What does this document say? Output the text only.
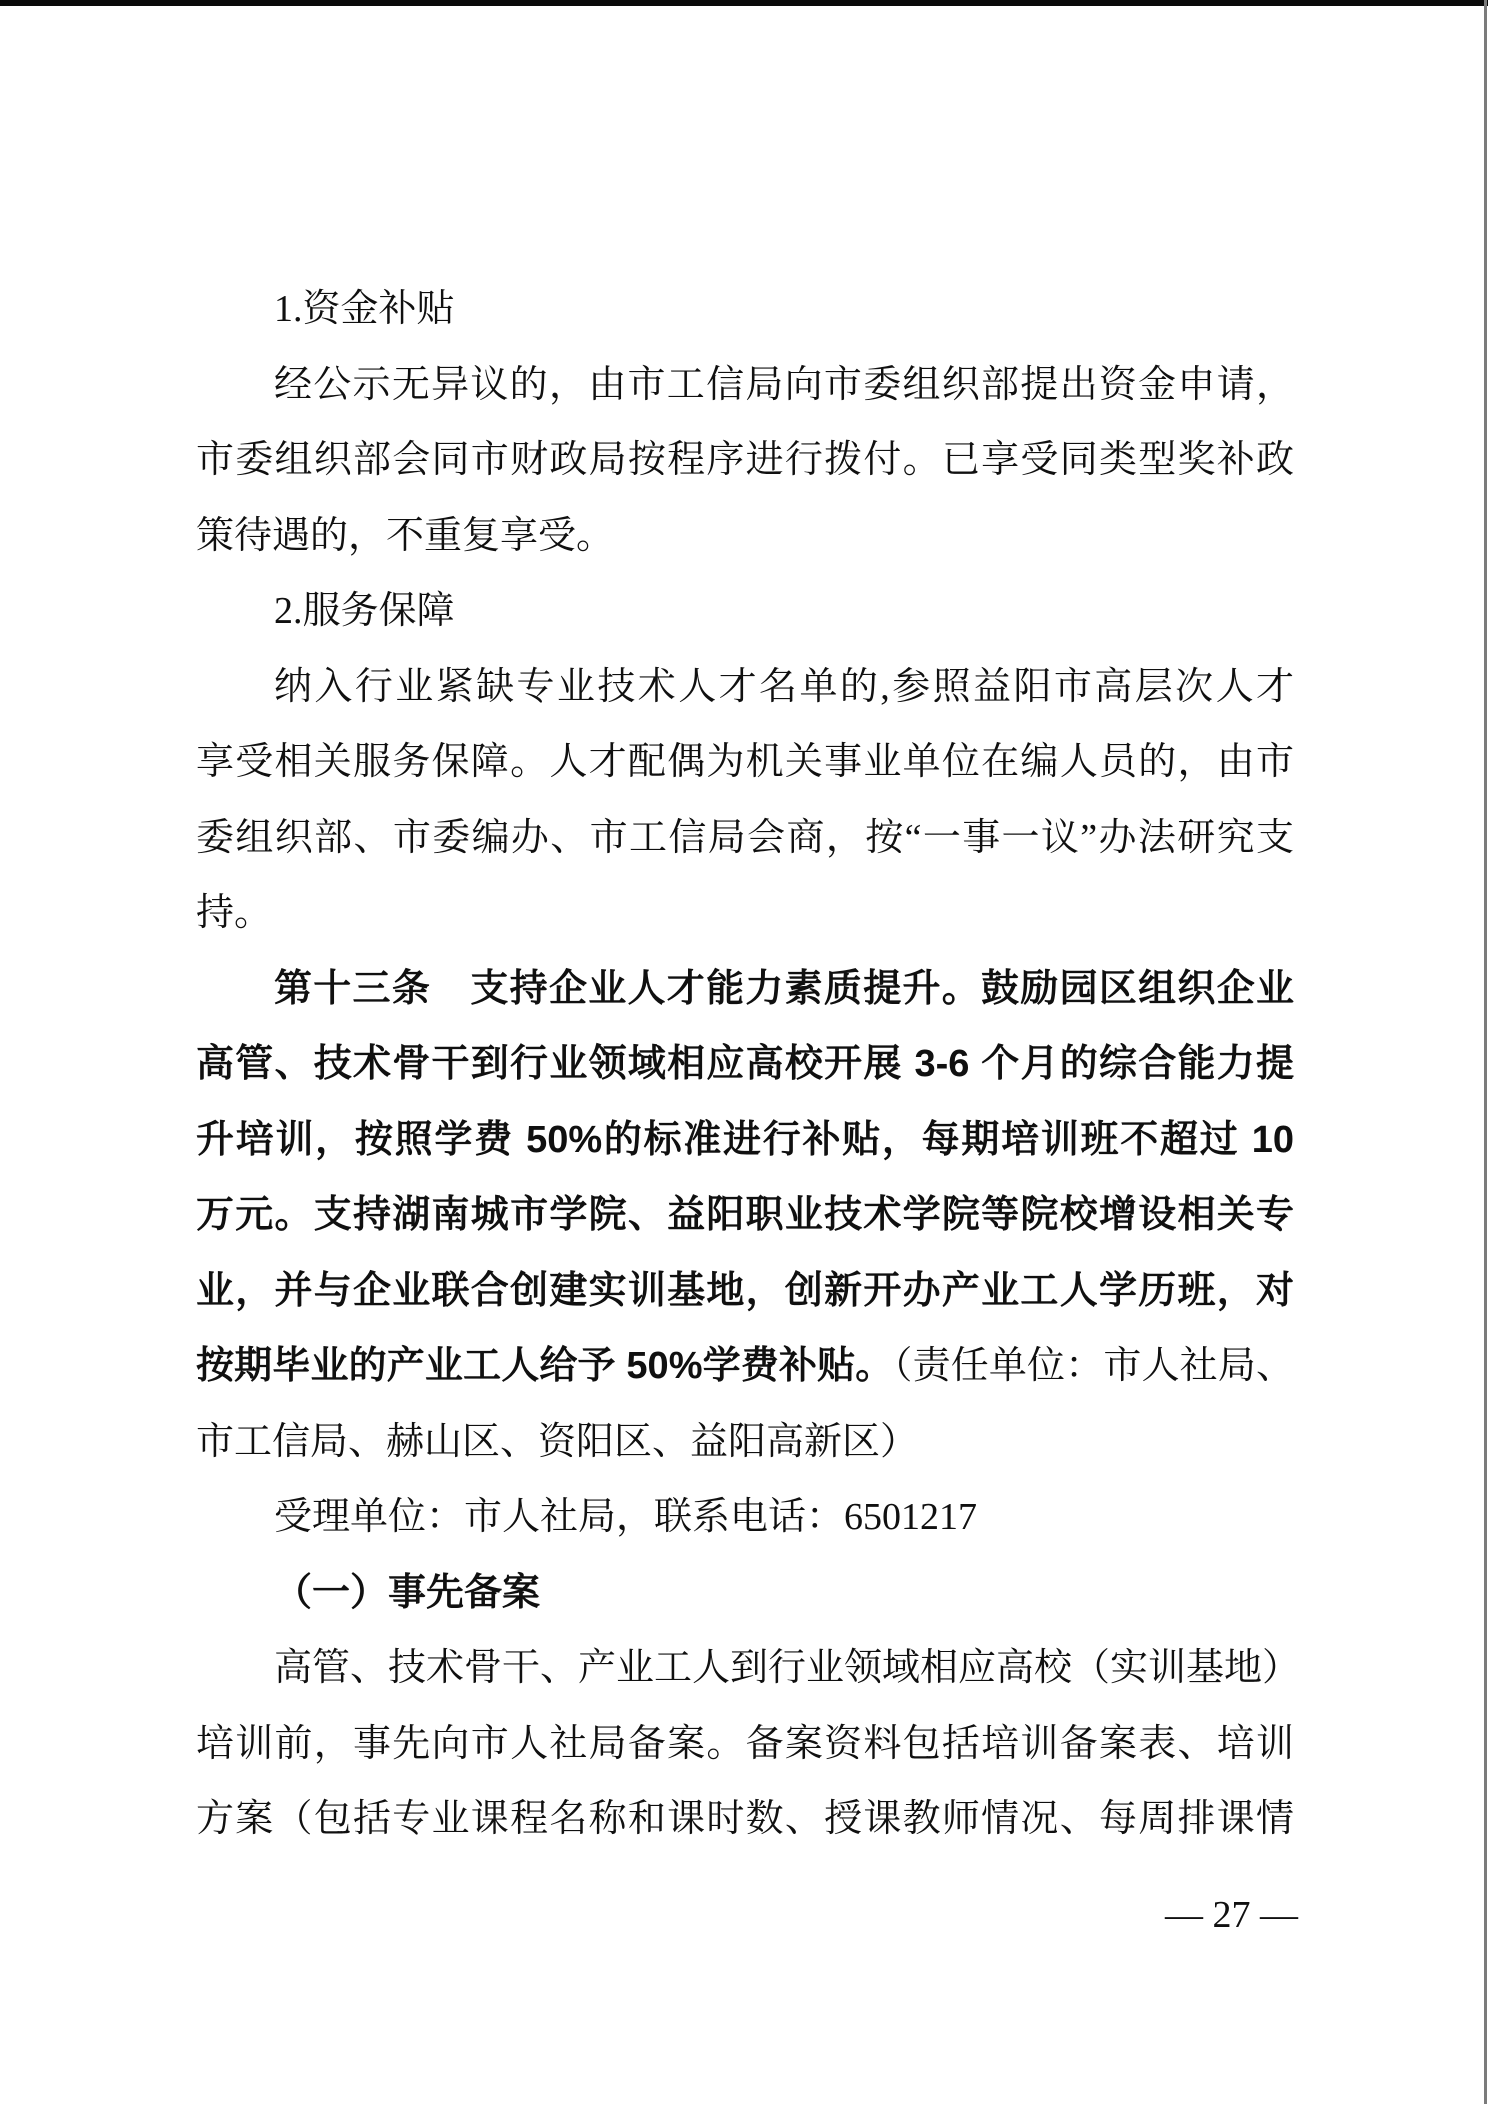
1.资金补贴
经公示无异议的，由市工信局向市委组织部提出资金申请，
市委组织部会同市财政局按程序进行拨付。已享受同类型奖补政
策待遇的，不重复享受。
2.服务保障
纳入行业紧缺专业技术人才名单的,参照益阳市高层次人才
享受相关服务保障。人才配偶为机关事业单位在编人员的，由市
委组织部、市委编办、市工信局会商，按“一事一议”办法研究支
持。
第十三条　支持企业人才能力素质提升。鼓励园区组织企业
高管、技术骨干到行业领域相应高校开展 3-6 个月的综合能力提
升培训，按照学费 50%的标准进行补贴，每期培训班不超过 10
万元。支持湖南城市学院、益阳职业技术学院等院校增设相关专
业，并与企业联合创建实训基地，创新开办产业工人学历班，对
按期毕业的产业工人给予 50%学费补贴。（责任单位：市人社局、
市工信局、赫山区、资阳区、益阳高新区）
受理单位：市人社局，联系电话：6501217
（一）事先备案
高管、技术骨干、产业工人到行业领域相应高校（实训基地）
培训前，事先向市人社局备案。备案资料包括培训备案表、培训
方案（包括专业课程名称和课时数、授课教师情况、每周排课情
— 27 —
